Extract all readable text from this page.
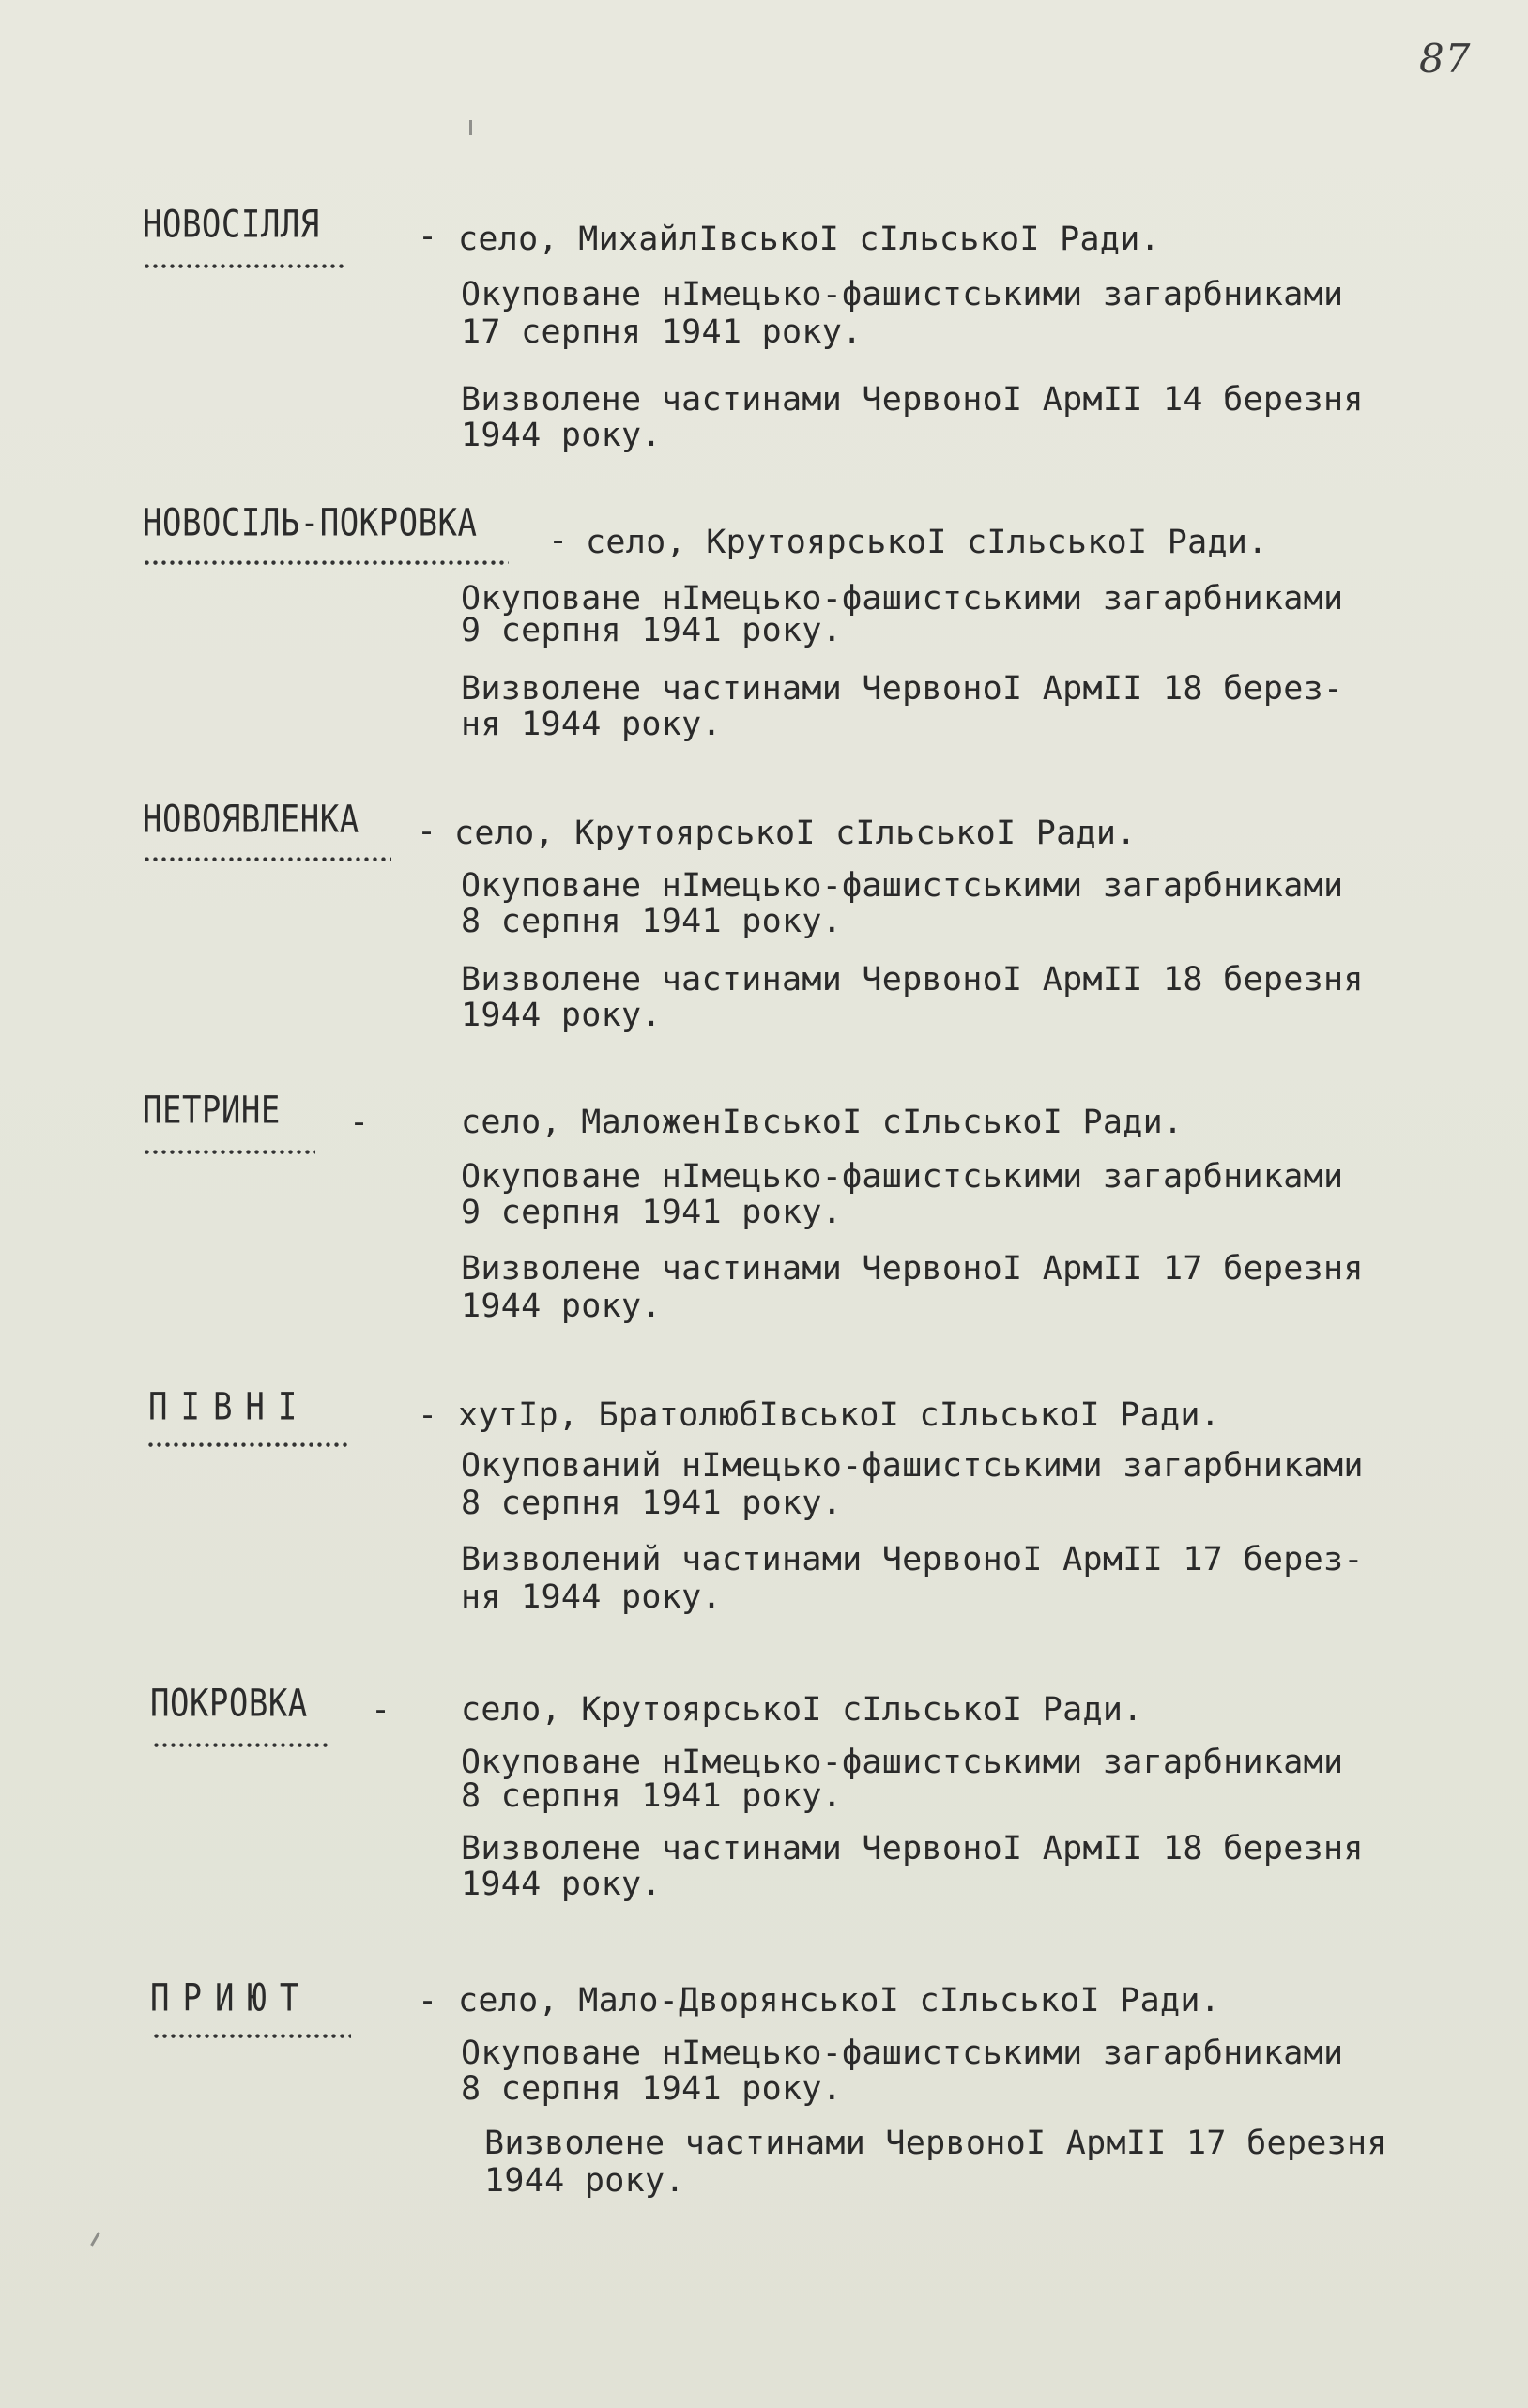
87
НОВОСІЛЛЯ	- село, МихайлІвськоІ сІльськоІ Ради.
Окуповане нІмецько-фашистськими загарбниками
17 серпня 1941 року.
Визволене частинами ЧервоноІ АрмІІ 14 березня
1944 року.
НОВОСІЛЬ-ПОКРОВКА - село, КрутоярськоІ сІльськоІ Ради.
Окуповане нІмецько-фашистськими загарбниками
9 серпня 1941 року.
Визволене частинами ЧервоноІ АрмІІ 18 берез-
ня 1944 року.
НОВОЯВЛЕНКА - село, КрутоярськоІ сІльськоІ Ради.
Окуповане нІмецько-фашистськими загарбниками
8 серпня 1941 року.
Визволене частинами ЧервоноІ АрмІІ 18 березня
1944 року.
ПЕТРИНЕ -	село, МаложенІвськоІ сІльськоІ Ради.
Окуповане нІмецько-фашистськими загарбниками
9 серпня 1941 року.
Визволене частинами ЧервоноІ АрмІІ 17 березня
1944 року.
ПІВНІ	- хутІр, БратолюбІвськоІ сІльськоІ Ради.
Окупований нІмецько-фашистськими загарбниками
8 серпня 1941 року.
Визволений частинами ЧервоноІ АрмІІ 17 берез-
ня 1944 року.
ПОКРОВКА - село, КрутоярськоІ сІльськоІ Ради.
Окуповане нІмецько-фашистськими загарбниками
8 серпня 1941 року.
Визволене частинами ЧервоноІ АрмІІ 18 березня
1944 року.
ПРИЮТ	- село, Мало-ДворянськоІ сІльськоІ Ради.
Окуповане нІмецько-фашистськими загарбниками
8 серпня 1941 року.
Визволене частинами ЧервоноІ АрмІІ 17 березня
1944 року.
